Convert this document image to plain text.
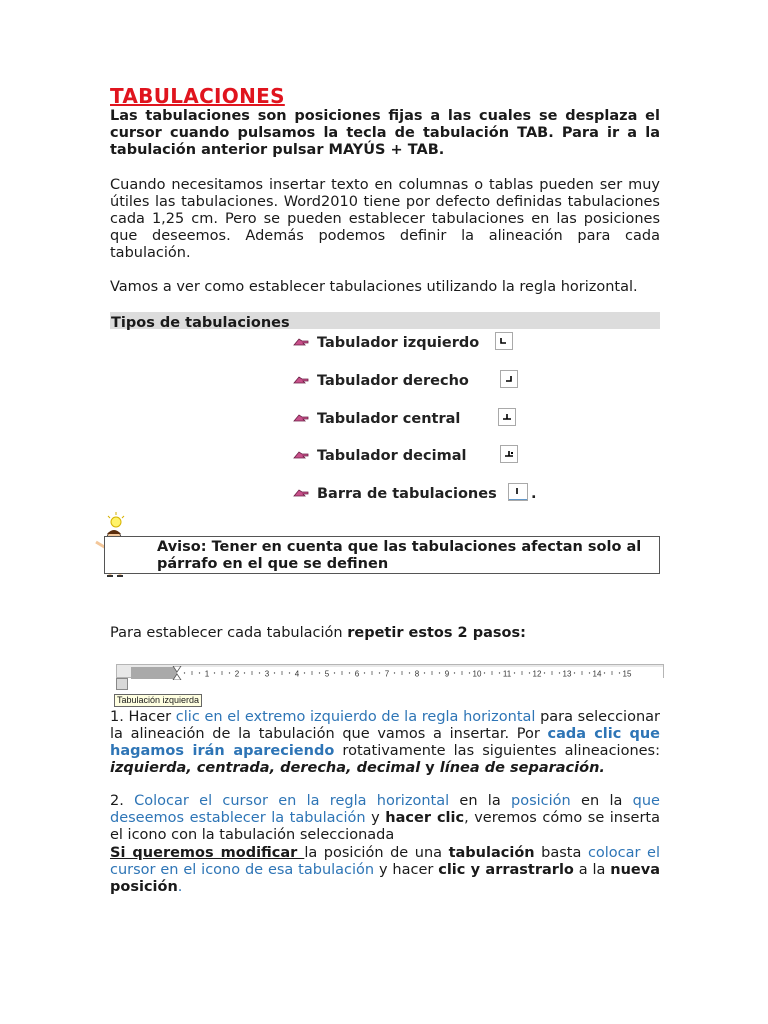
TABULACIONES

Las tabulaciones son posiciones fijas a las cuales se desplaza el cursor cuando pulsamos la tecla de tabulación TAB. Para ir a la tabulación anterior pulsar MAYÚS + TAB.

Cuando necesitamos insertar texto en columnas o tablas pueden ser muy útiles las tabulaciones. Word2010 tiene por defecto definidas tabulaciones cada 1,25 cm. Pero se pueden establecer tabulaciones en las posiciones que deseemos. Además podemos definir la alineación para cada tabulación.

Vamos a ver como establecer tabulaciones utilizando la regla horizontal.

Tipos de tabulaciones
Tabulador izquierdo
Tabulador derecho
Tabulador central
Tabulador decimal
Barra de tabulaciones .
Aviso: Tener en cuenta que las tabulaciones afectan solo al párrafo en el que se definen

Para establecer cada tabulación repetir estos 2 pasos:

1	2	3	4	5	6	7	8	9	10	11	12	13	14	15
Tabulación izquierda

1. Hacer clic en el extremo izquierdo de la regla horizontal para seleccionar la alineación de la tabulación que vamos a insertar. Por cada clic que hagamos irán apareciendo rotativamente las siguientes alineaciones: izquierda, centrada, derecha, decimal y línea de separación.

2. Colocar el cursor en la regla horizontal en la posición en la que deseemos establecer la tabulación y hacer clic, veremos cómo se inserta el icono con la tabulación seleccionada

Si queremos modificar la posición de una tabulación basta colocar el cursor en el icono de esa tabulación y hacer clic y arrastrarlo a la nueva posición.
